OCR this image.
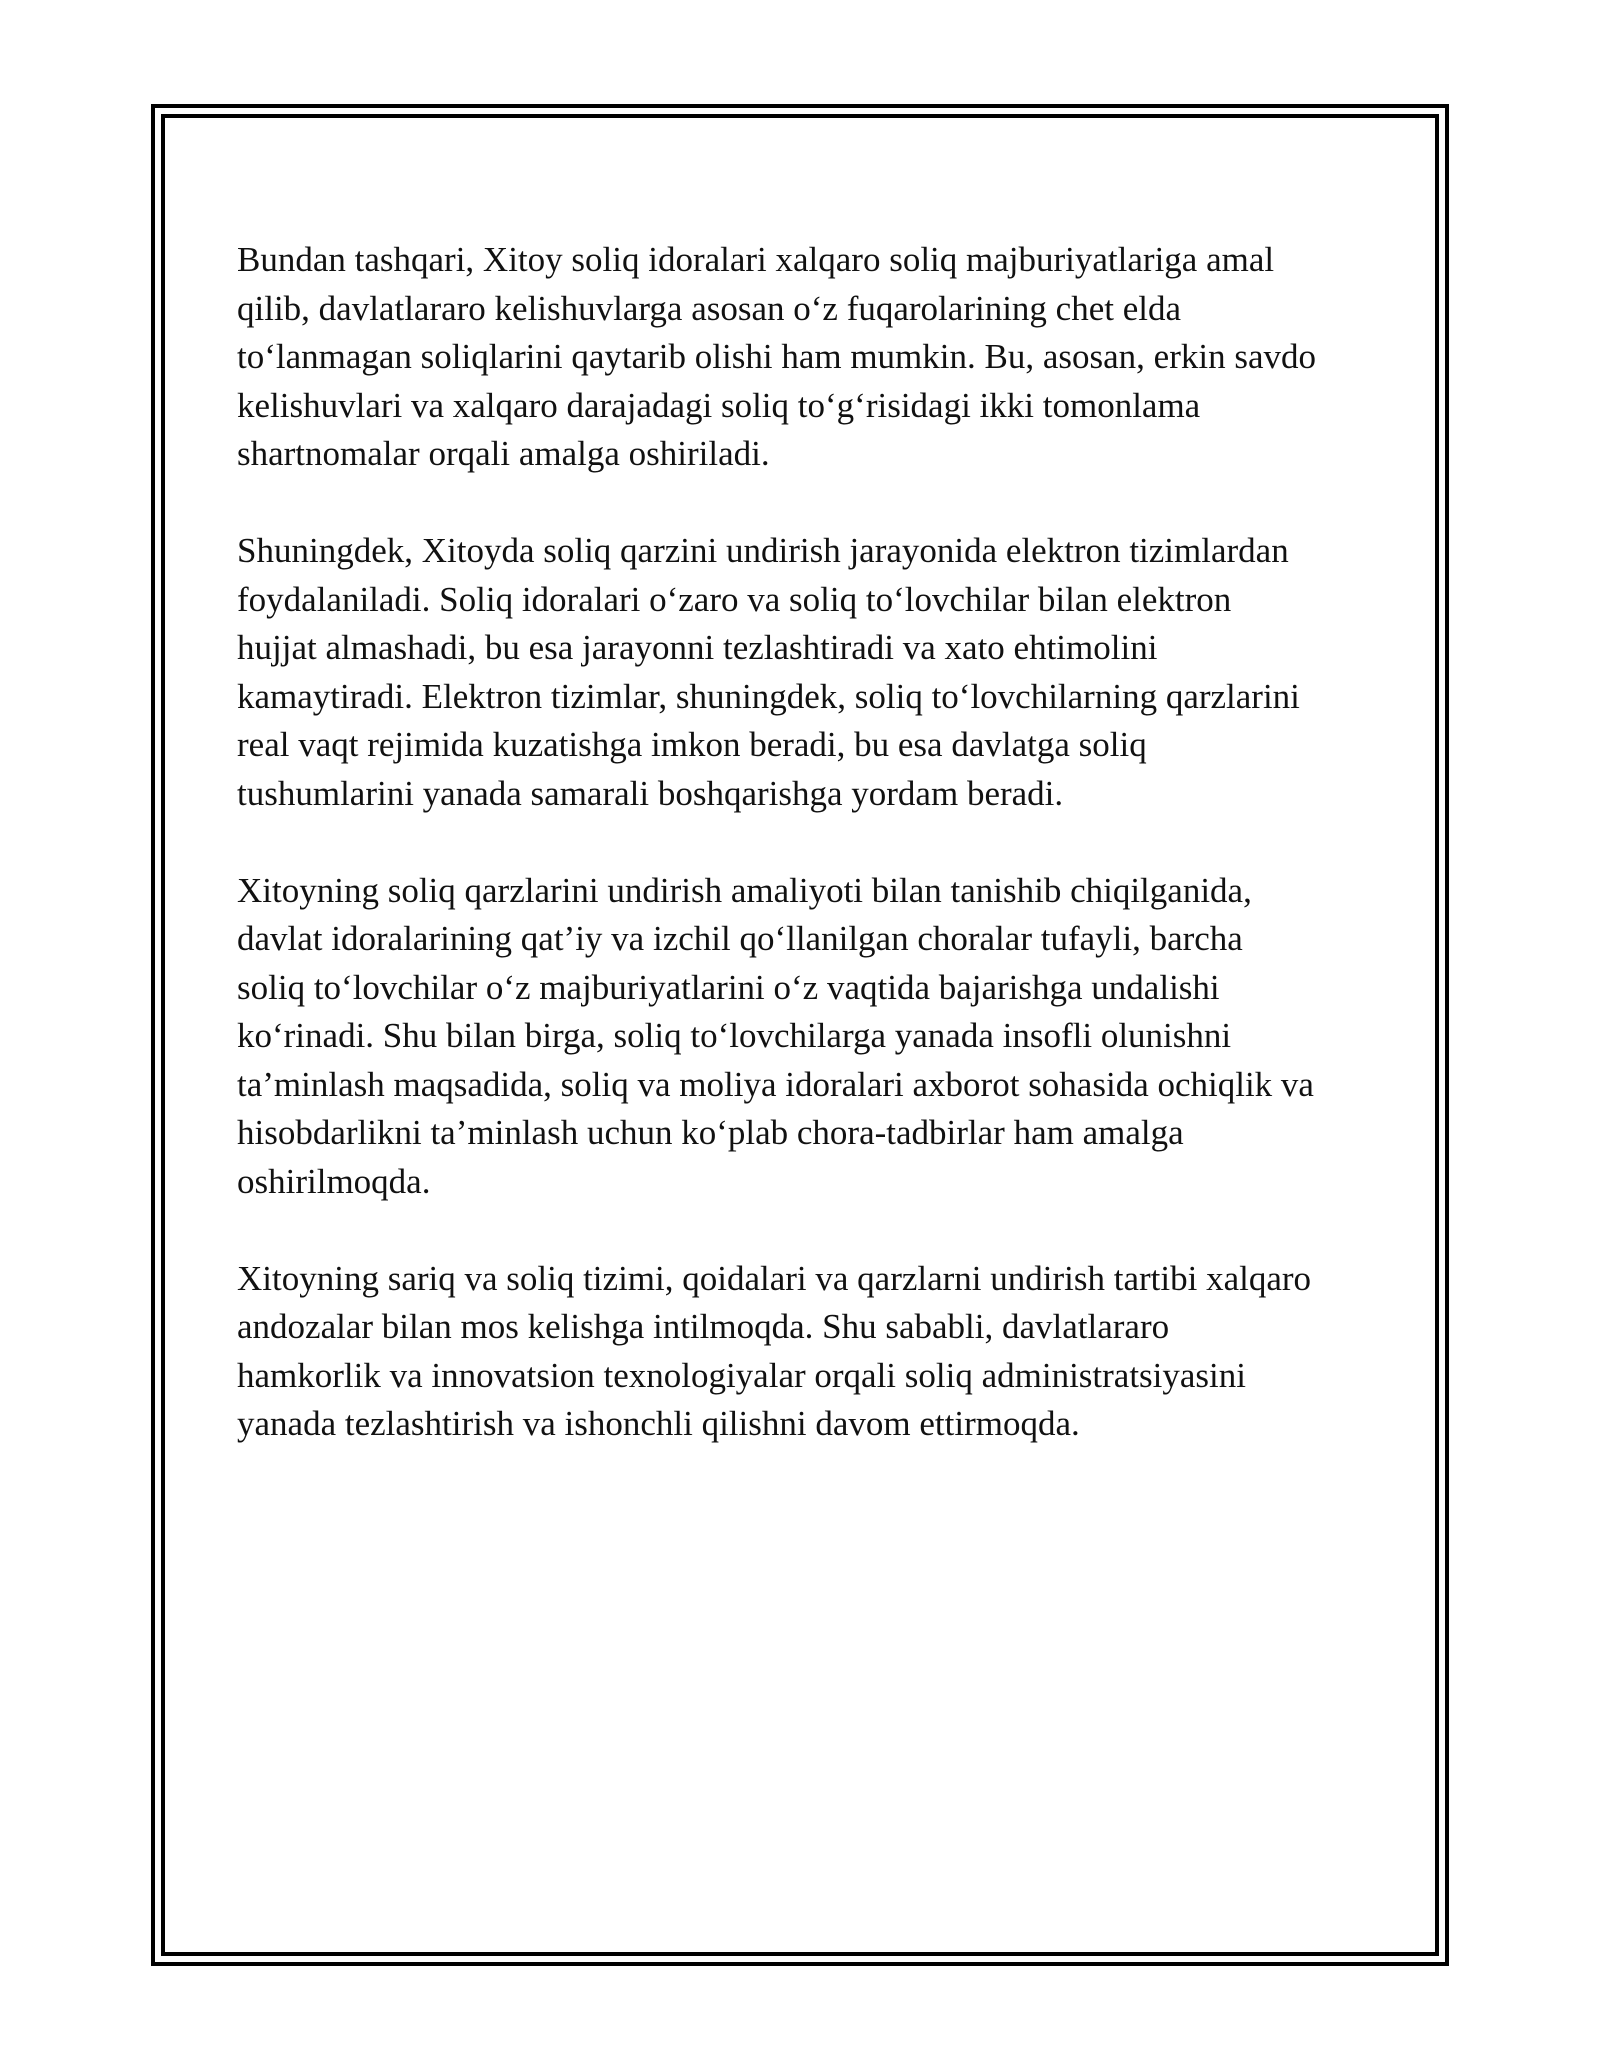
Bundan tashqari, Xitoy soliq idoralari xalqaro soliq majburiyatlariga amal
qilib, davlatlararo kelishuvlarga asosan o‘z fuqarolarining chet elda
to‘lanmagan soliqlarini qaytarib olishi ham mumkin. Bu, asosan, erkin savdo
kelishuvlari va xalqaro darajadagi soliq to‘g‘risidagi ikki tomonlama
shartnomalar orqali amalga oshiriladi.

Shuningdek, Xitoyda soliq qarzini undirish jarayonida elektron tizimlardan
foydalaniladi. Soliq idoralari o‘zaro va soliq to‘lovchilar bilan elektron
hujjat almashadi, bu esa jarayonni tezlashtiradi va xato ehtimolini
kamaytiradi. Elektron tizimlar, shuningdek, soliq to‘lovchilarning qarzlarini
real vaqt rejimida kuzatishga imkon beradi, bu esa davlatga soliq
tushumlarini yanada samarali boshqarishga yordam beradi.

Xitoyning soliq qarzlarini undirish amaliyoti bilan tanishib chiqilganida,
davlat idoralarining qat’iy va izchil qo‘llanilgan choralar tufayli, barcha
soliq to‘lovchilar o‘z majburiyatlarini o‘z vaqtida bajarishga undalishi
ko‘rinadi. Shu bilan birga, soliq to‘lovchilarga yanada insofli olunishni
ta’minlash maqsadida, soliq va moliya idoralari axborot sohasida ochiqlik va
hisobdarlikni ta’minlash uchun ko‘plab chora-tadbirlar ham amalga
oshirilmoqda.

Xitoyning sariq va soliq tizimi, qoidalari va qarzlarni undirish tartibi xalqaro
andozalar bilan mos kelishga intilmoqda. Shu sababli, davlatlararo
hamkorlik va innovatsion texnologiyalar orqali soliq administratsiyasini
yanada tezlashtirish va ishonchli qilishni davom ettirmoqda.
